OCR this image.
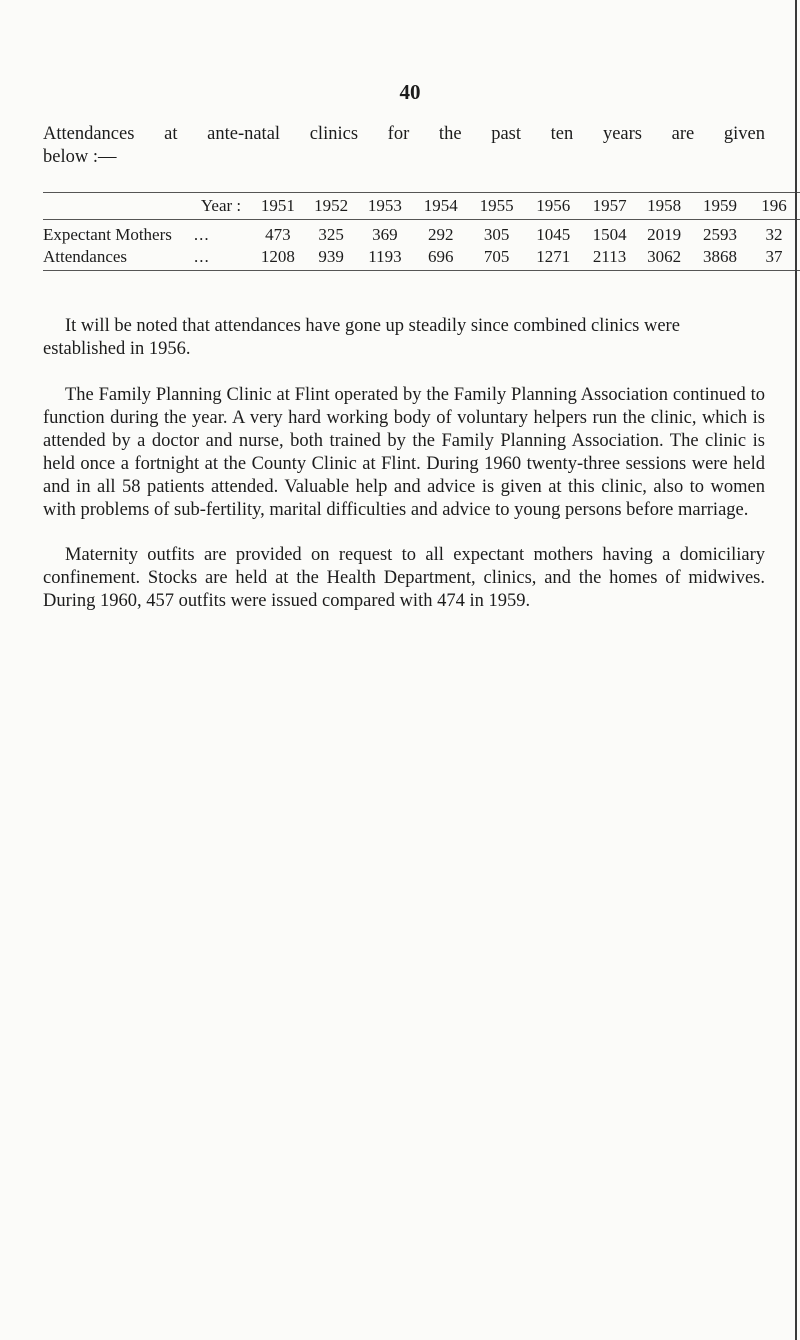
40

Attendances at ante-natal clinics for the past ten years are given
below :—

Year :	1951	1952	1953	1954	1955	1956	1957	1958	1959	196
Expectant Mothers ...	473	325	369	292	305	1045	1504	2019	2593	32
Attendances ...	1208	939	1193	696	705	1271	2113	3062	3868	37

It will be noted that attendances have gone up steadily since combined clinics were established in 1956.

The Family Planning Clinic at Flint operated by the Family Planning Association continued to function during the year. A very hard working body of voluntary helpers run the clinic, which is attended by a doctor and nurse, both trained by the Family Planning Association. The clinic is held once a fortnight at the County Clinic at Flint. During 1960 twenty-three sessions were held and in all 58 patients attended. Valuable help and advice is given at this clinic, also to women with problems of sub-fertility, marital difficulties and advice to young persons before marriage.

Maternity outfits are provided on request to all expectant mothers having a domiciliary confinement. Stocks are held at the Health Department, clinics, and the homes of midwives. During 1960, 457 outfits were issued compared with 474 in 1959.
